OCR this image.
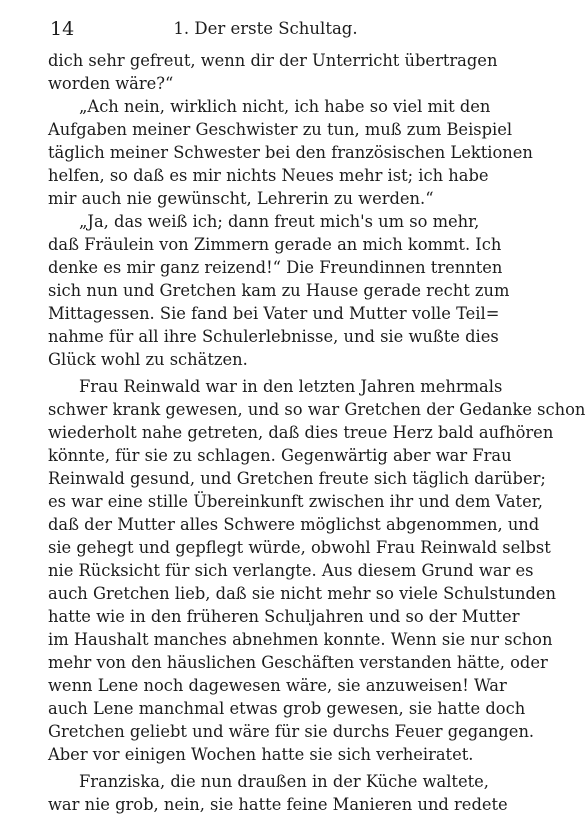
14	1. Der erste Schultag.
dich sehr gefreut, wenn dir der Unterricht übertragen
worden wäre?“
„Ach nein, wirklich nicht, ich habe so viel mit den
Aufgaben meiner Geschwister zu tun, muß zum Beispiel
täglich meiner Schwester bei den französischen Lektionen
helfen, so daß es mir nichts Neues mehr ist; ich habe
mir auch nie gewünscht, Lehrerin zu werden.“
„Ja, das weiß ich; dann freut mich's um so mehr,
daß Fräulein von Zimmern gerade an mich kommt. Ich
denke es mir ganz reizend!“ Die Freundinnen trennten
sich nun und Gretchen kam zu Hause gerade recht zum
Mittagessen. Sie fand bei Vater und Mutter volle Teil=
nahme für all ihre Schulerlebnisse, und sie wußte dies
Glück wohl zu schätzen.
Frau Reinwald war in den letzten Jahren mehrmals
schwer krank gewesen, und so war Gretchen der Gedanke schon
wiederholt nahe getreten, daß dies treue Herz bald aufhören
könnte, für sie zu schlagen. Gegenwärtig aber war Frau
Reinwald gesund, und Gretchen freute sich täglich darüber;
es war eine stille Übereinkunft zwischen ihr und dem Vater,
daß der Mutter alles Schwere möglichst abgenommen, und
sie gehegt und gepflegt würde, obwohl Frau Reinwald selbst
nie Rücksicht für sich verlangte. Aus diesem Grund war es
auch Gretchen lieb, daß sie nicht mehr so viele Schulstunden
hatte wie in den früheren Schuljahren und so der Mutter
im Haushalt manches abnehmen konnte. Wenn sie nur schon
mehr von den häuslichen Geschäften verstanden hätte, oder
wenn Lene noch dagewesen wäre, sie anzuweisen! War
auch Lene manchmal etwas grob gewesen, sie hatte doch
Gretchen geliebt und wäre für sie durchs Feuer gegangen.
Aber vor einigen Wochen hatte sie sich verheiratet.
Franziska, die nun draußen in der Küche waltete,
war nie grob, nein, sie hatte feine Manieren und redete
